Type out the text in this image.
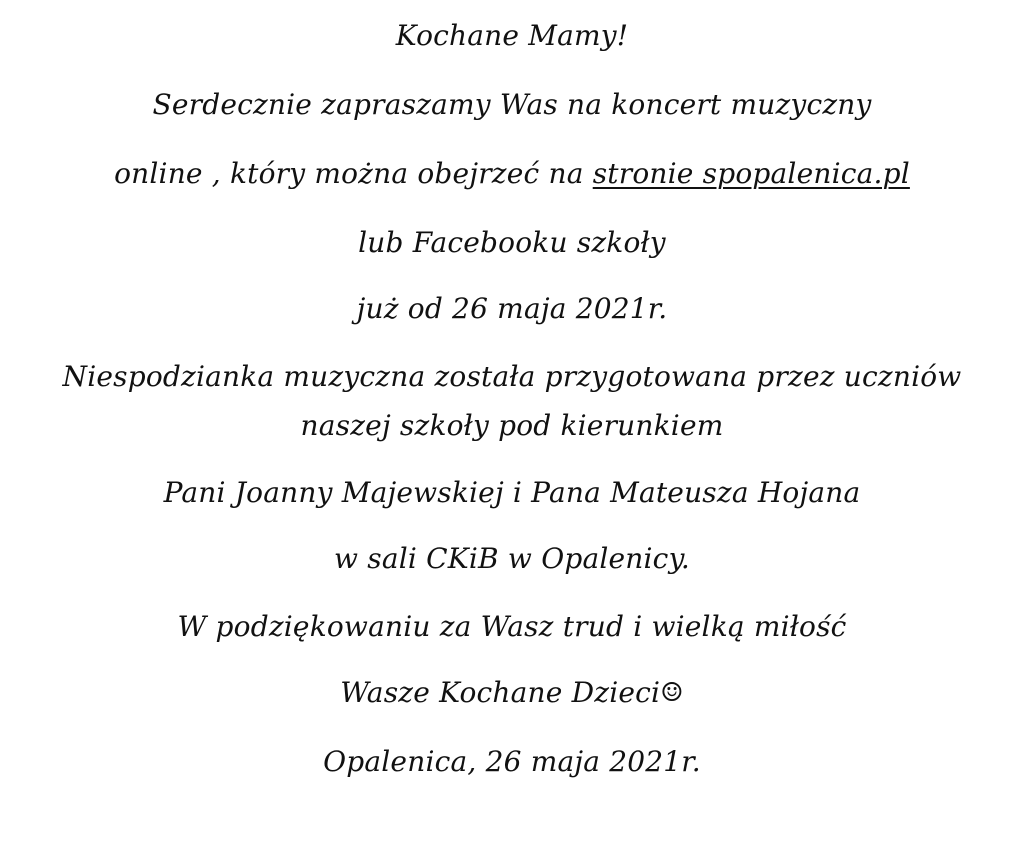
Kochane Mamy!
Serdecznie zapraszamy Was na koncert muzyczny
online , który można obejrzeć na stronie spopalenica.pl
lub Facebooku szkoły
już od 26 maja 2021r.
Niespodzianka muzyczna została przygotowana przez uczniów
naszej szkoły pod kierunkiem
Pani Joanny Majewskiej i Pana Mateusza Hojana
w sali CKiB w Opalenicy.
W podziękowaniu za Wasz trud i wielką miłość
Wasze Kochane Dzieci☺
Opalenica, 26 maja 2021r.
